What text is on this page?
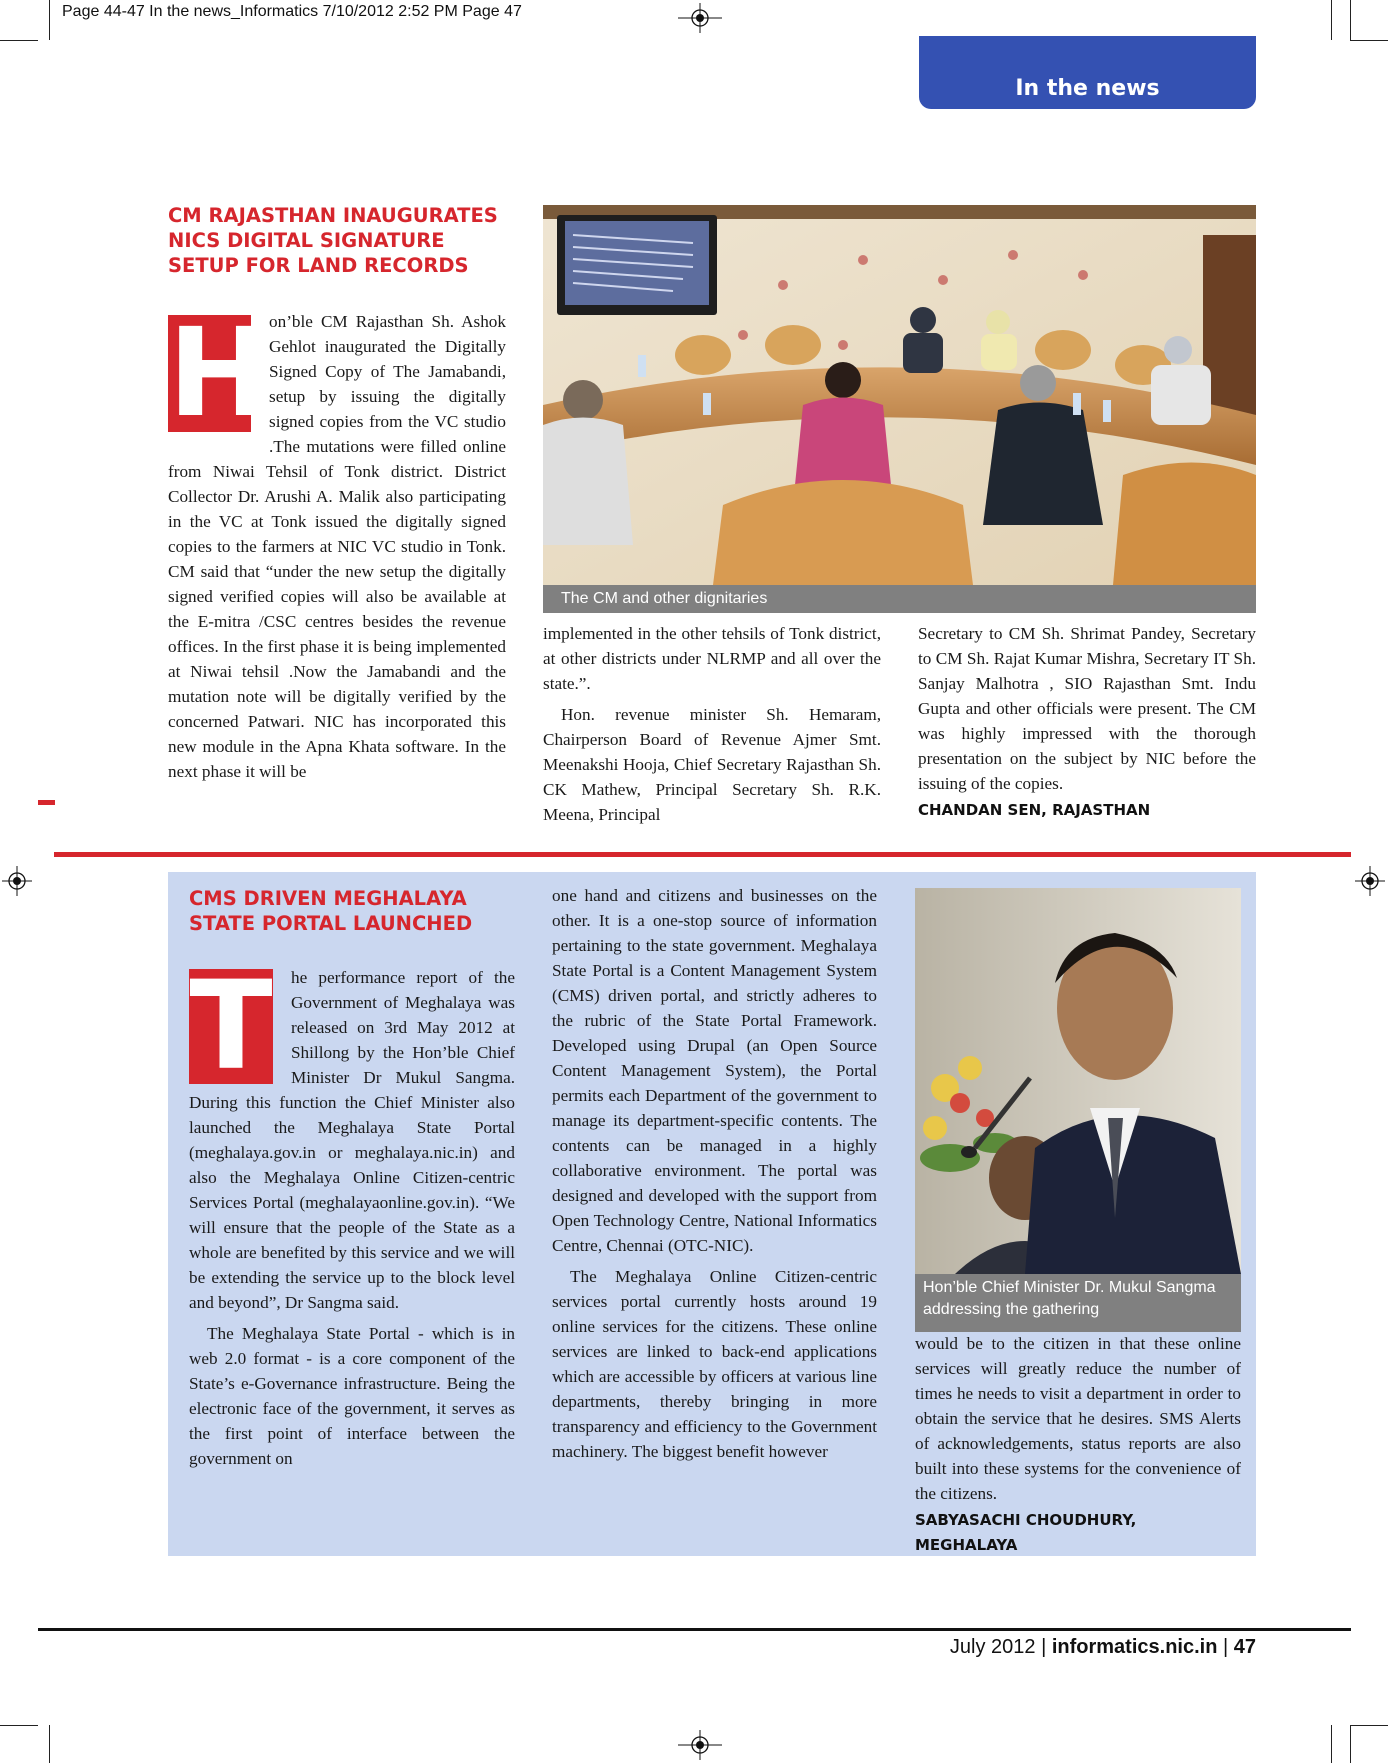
Page 44-47 In the news_Informatics 7/10/2012 2:52 PM Page 47
In the news
CM RAJASTHAN INAUGURATES NICS DIGITAL SIGNATURE SETUP FOR LAND RECORDS
H

on’ble CM Rajasthan Sh. Ashok Gehlot inaugurated the Digitally Signed Copy of The Jamabandi, setup by issuing the digitally signed copies from the VC studio .The mutations were filled online from Niwai Tehsil of Tonk district. District Collector Dr. Arushi A. Malik also participating in the VC at Tonk issued the digitally signed copies to the farmers at NIC VC studio in Tonk. CM said that “under the new setup the digitally signed verified copies will also be available at the E-mitra /CSC centres besides the revenue offices. In the first phase it is being implemented at Niwai tehsil .Now the Jamabandi and the mutation note will be digitally verified by the concerned Patwari. NIC has incorporated this new module in the Apna Khata software. In the next phase it will be

The CM and other dignitaries

implemented in the other tehsils of Tonk district, at other districts under NLRMP and all over the state.”.

Hon. revenue minister Sh. Hemaram, Chairperson Board of Revenue Ajmer Smt. Meenakshi Hooja, Chief Secretary Rajasthan Sh. CK Mathew, Principal Secretary Sh. R.K. Meena, Principal

Secretary to CM Sh. Shrimat Pandey, Secretary to CM Sh. Rajat Kumar Mishra, Secretary IT Sh. Sanjay Malhotra , SIO Rajasthan Smt. Indu Gupta and other officials were present. The CM was highly impressed with the thorough presentation on the subject by NIC before the issuing of the copies.

CHANDAN SEN, RAJASTHAN
CMS DRIVEN MEGHALAYA STATE PORTAL LAUNCHED
T	he performance report of the Government of Meghalaya was released on 3rd May 2012 at Shillong by the Hon’ble Chief Minister Dr Mukul Sangma. During this function the Chief Minister also launched the Meghalaya State Portal (meghalaya.gov.in or meghalaya.nic.in) and also the Meghalaya Online Citizen-centric Services Portal (meghalayaonline.gov.in). “We will ensure that the people of the State as a whole are benefited by this service and we will be extending the service up to the block level and beyond”, Dr Sangma said.

The Meghalaya State Portal - which is in web 2.0 format - is a core component of the State’s e-Governance infrastructure. Being the electronic face of the government, it serves as the first point of interface between the government on

one hand and citizens and businesses on the other. It is a one-stop source of information pertaining to the state government. Meghalaya State Portal is a Content Management System (CMS) driven portal, and strictly adheres to the rubric of the State Portal Framework. Developed using Drupal (an Open Source Content Management System), the Portal permits each Department of the government to manage its department-specific contents. The contents can be managed in a highly collaborative environment. The portal was designed and developed with the support from Open Technology Centre, National Informatics Centre, Chennai (OTC-NIC).

The Meghalaya Online Citizen-centric services portal currently hosts around 19 online services for the citizens. These online services are linked to back-end applications which are accessible by officers at various line departments, thereby bringing in more transparency and efficiency to the Government machinery. The biggest benefit however

Hon’ble Chief Minister Dr. Mukul Sangma addressing the gathering

would be to the citizen in that these online services will greatly reduce the number of times he needs to visit a department in order to obtain the service that he desires. SMS Alerts of acknowledgements, status reports are also built into these systems for the convenience of the citizens.

SABYASACHI CHOUDHURY, MEGHALAYA
July 2012 | informatics.nic.in | 47
